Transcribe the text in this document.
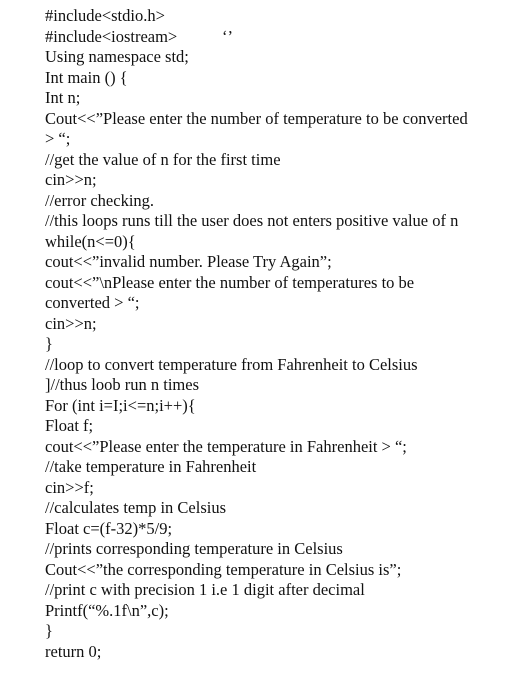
#include<stdio.h>
#include<iostream>
Using namespace std;
Int main () {
Int n;
Cout<<”Please enter the number of temperature to be converted
> “;
//get the value of n for the first time
cin>>n;
//error checking.
//this loops runs till the user does not enters positive value of n
while(n<=0){
cout<<”invalid number. Please Try Again”;
cout<<”\nPlease enter the number of temperatures to be
converted > “;
cin>>n;
}
//loop to convert temperature from Fahrenheit to Celsius
]//thus loob run n times
For (int i=I;i<=n;i++){
Float f;
cout<<”Please enter the temperature in Fahrenheit > “;
//take temperature in Fahrenheit
cin>>f;
//calculates temp in Celsius
Float c=(f-32)*5/9;
//prints corresponding temperature in Celsius
Cout<<”the corresponding temperature in Celsius is”;
//print c with precision 1 i.e 1 digit after decimal
Printf(“%.1f\n”,c);
}
return 0;
‘’
